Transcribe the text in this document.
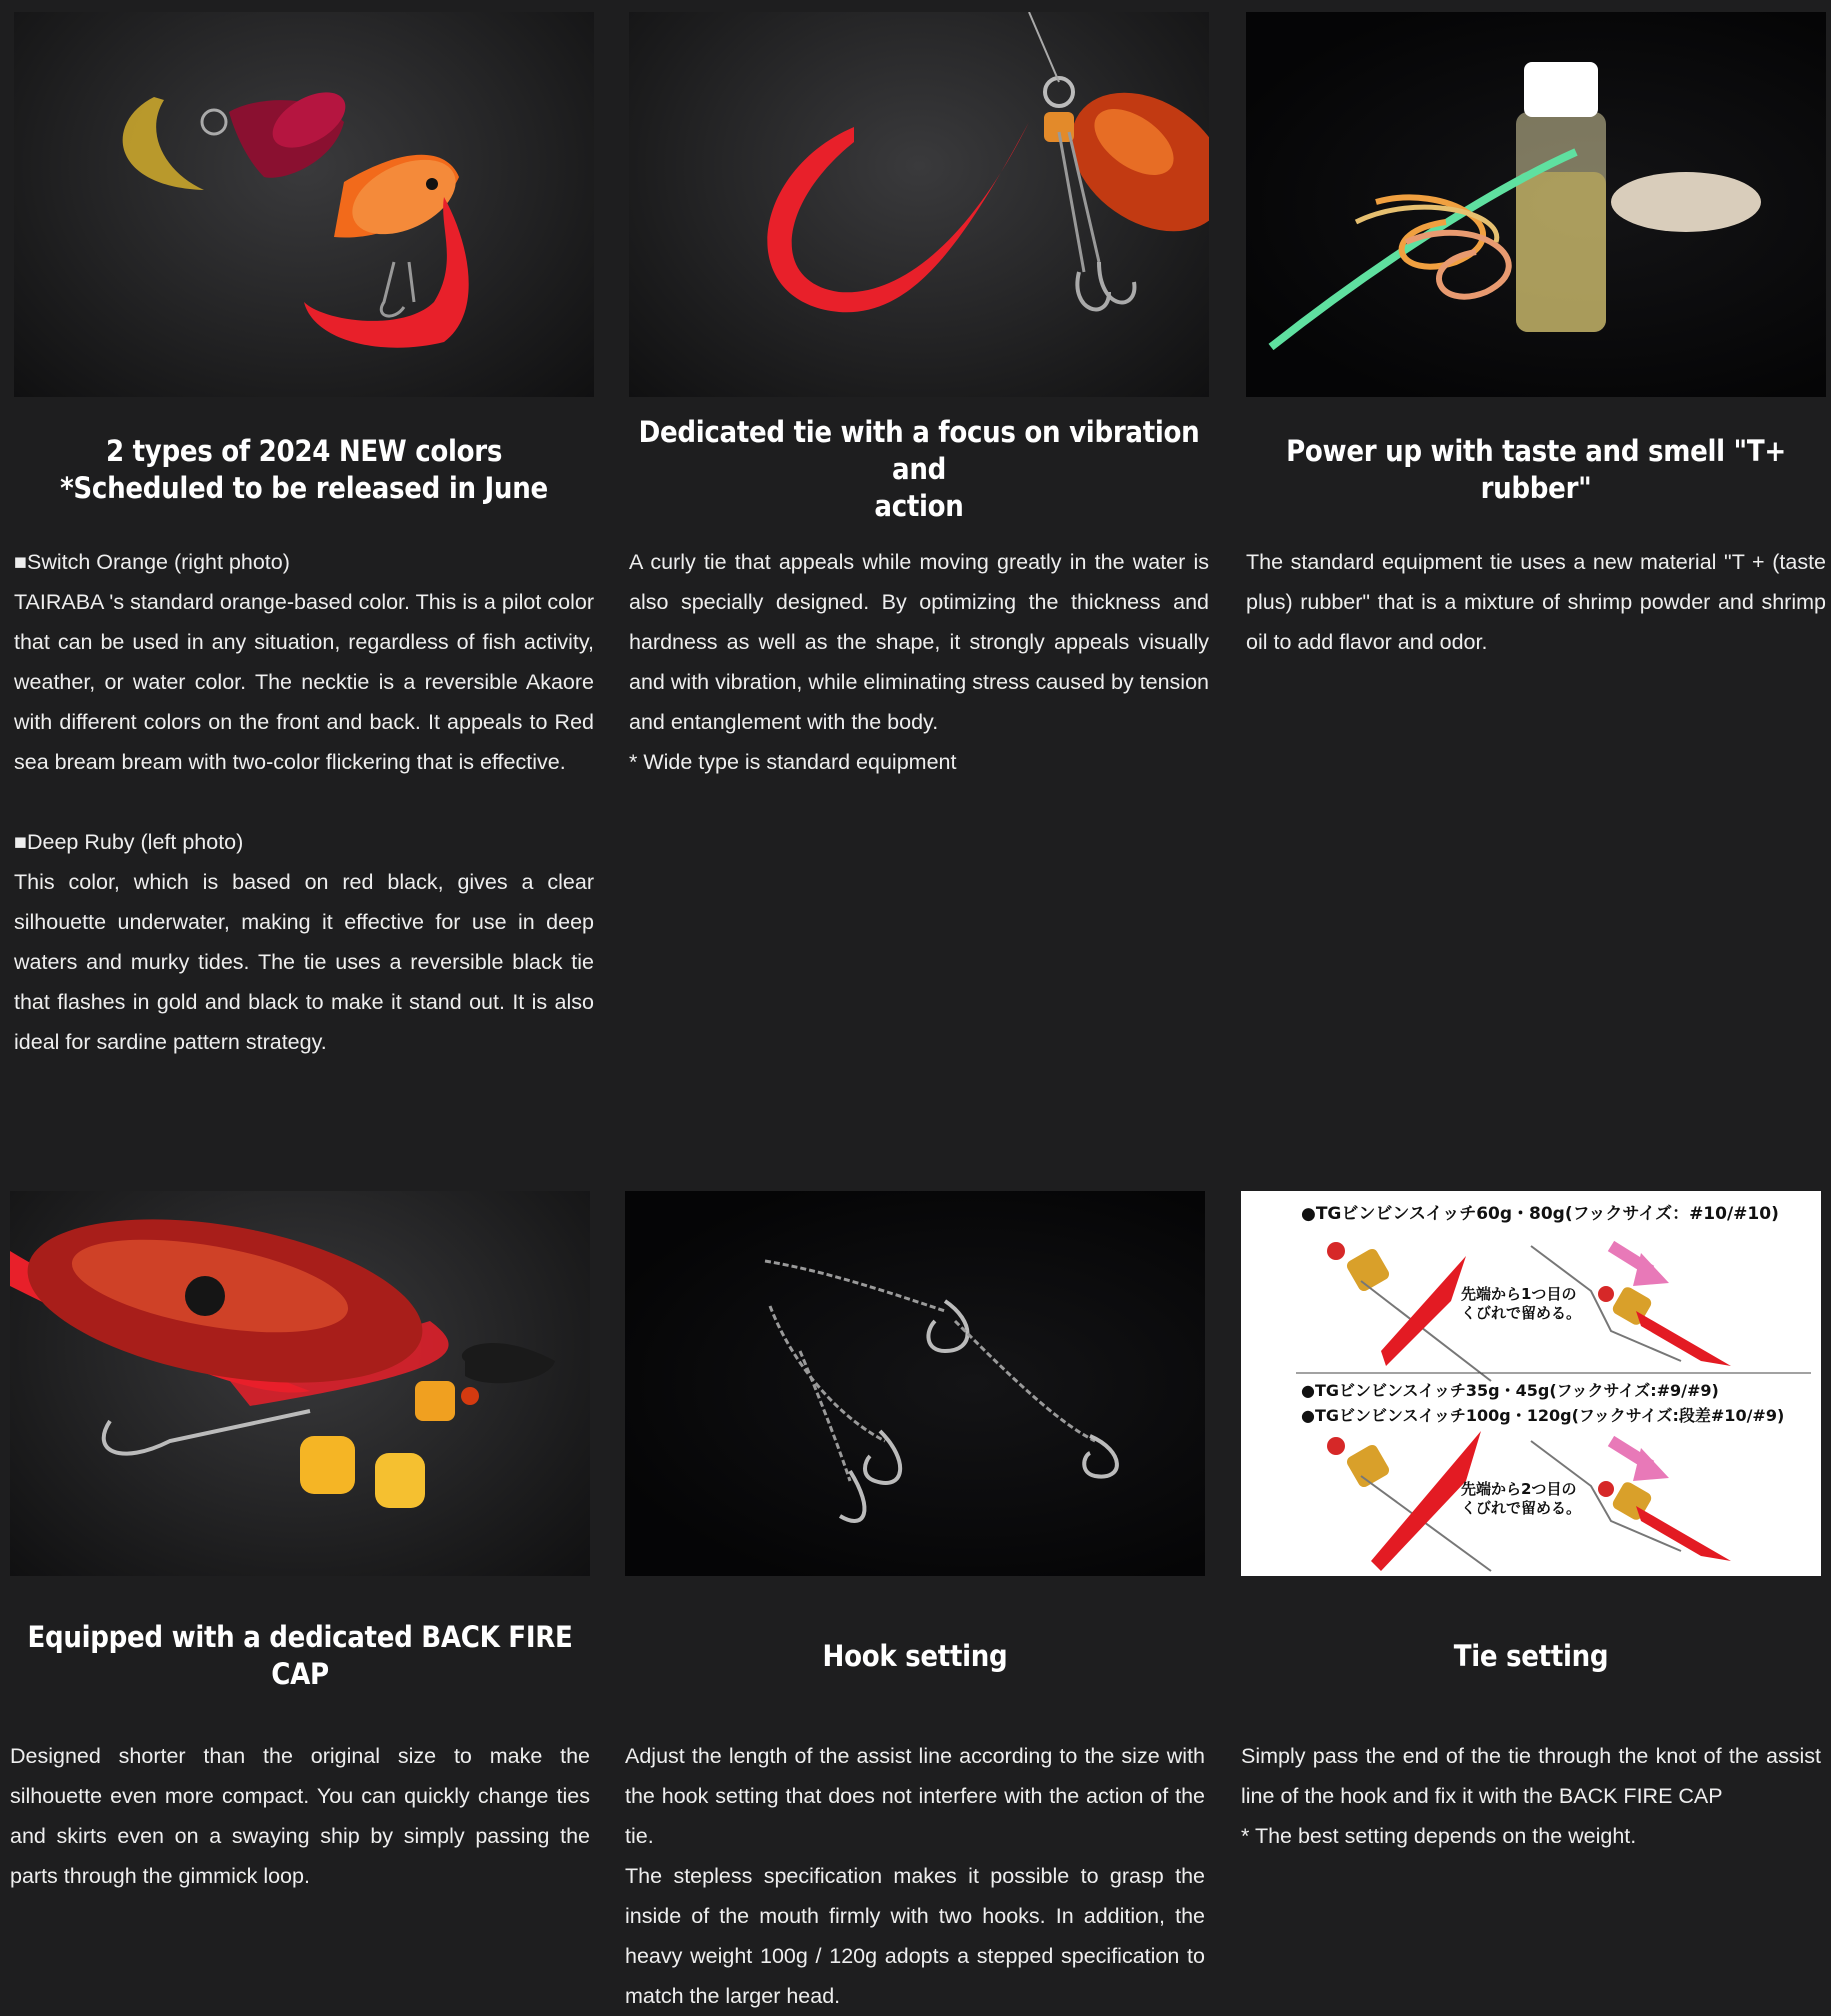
2 types of 2024 NEW colors
*Scheduled to be released in June

■Switch Orange (right photo)

TAIRABA 's standard orange-based color. This is a pilot color that can be used in any situation, regardless of fish activity, weather, or water color. The necktie is a reversible Akaore with different colors on the front and back. It appeals to Red sea bream bream with two-color flickering that is effective.

■Deep Ruby (left photo)

This color, which is based on red black, gives a clear silhouette underwater, making it effective for use in deep waters and murky tides. The tie uses a reversible black tie that flashes in gold and black to make it stand out. It is also ideal for sardine pattern strategy.

Dedicated tie with a focus on vibration and
action

A curly tie that appeals while moving greatly in the water is also specially designed. By optimizing the thickness and hardness as well as the shape, it strongly appeals visually and with vibration, while eliminating stress caused by tension and entanglement with the body.

* Wide type is standard equipment

Power up with taste and smell "T+ rubber"

The standard equipment tie uses a new material "T + (taste plus) rubber" that is a mixture of shrimp powder and shrimp oil to add flavor and odor.

Equipped with a dedicated BACK FIRE CAP

Designed shorter than the original size to make the silhouette even more compact. You can quickly change ties and skirts even on a swaying ship by simply passing the parts through the gimmick loop.

Hook setting

Adjust the length of the assist line according to the size with the hook setting that does not interfere with the action of the tie.

The stepless specification makes it possible to grasp the inside of the mouth firmly with two hooks. In addition, the heavy weight 100g / 120g adopts a stepped specification to match the larger head.

●TGビンビンスイッチ60g・80g(フックサイズ：#10/#10)
先端から1つ目の
くびれで留める。
●TGビンビンスイッチ35g・45g(フックサイズ:#9/#9)
●TGビンビンスイッチ100g・120g(フックサイズ:段差#10/#9)
先端から2つ目の
くびれで留める。
Tie setting

Simply pass the end of the tie through the knot of the assist line of the hook and fix it with the BACK FIRE CAP

* The best setting depends on the weight.
